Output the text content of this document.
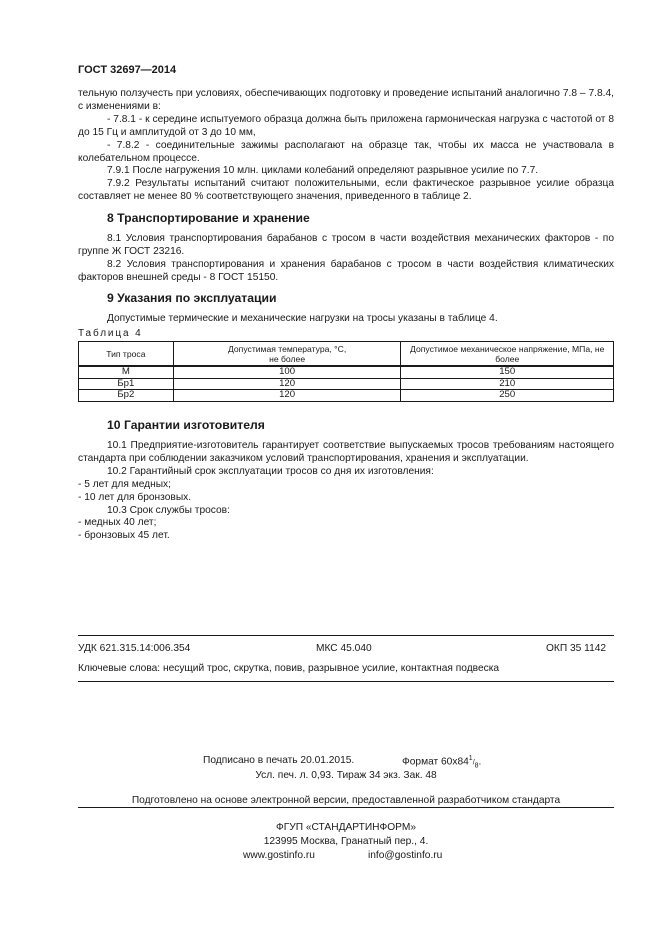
ГОСТ 32697—2014
тельную ползучесть при условиях, обеспечивающих подготовку и проведение испытаний аналогично 7.8 – 7.8.4, с изменениями в:
- 7.8.1 - к середине испытуемого образца должна быть приложена гармоническая нагрузка с частотой от 8 до 15 Гц и амплитудой от 3 до 10 мм,
- 7.8.2 - соединительные зажимы располагают на образце так, чтобы их масса не участвовала в колебательном процессе.
7.9.1 После нагружения 10 млн. циклами колебаний определяют разрывное усилие по 7.7.
7.9.2 Результаты испытаний считают положительными, если фактическое разрывное усилие образца составляет не менее 80 % соответствующего значения, приведенного в таблице 2.
8 Транспортирование и хранение
8.1 Условия транспортирования барабанов с тросом в части воздействия механических факторов - по группе Ж ГОСТ 23216.
8.2 Условия транспортирования и хранения барабанов с тросом в части воздействия климатических факторов внешней среды - 8 ГОСТ 15150.
9 Указания по эксплуатации
Допустимые термические и механические нагрузки на тросы указаны в таблице 4.
Таблица 4
Тип троса	Допустимая температура, °С, не более	Допустимое механическое напряжение, МПа, не более
М	100	150
Бр1	120	210
Бр2	120	250
10 Гарантии изготовителя
10.1 Предприятие-изготовитель гарантирует соответствие выпускаемых тросов требованиям настоящего стандарта при соблюдении заказчиком условий транспортирования, хранения и эксплуатации.
10.2 Гарантийный срок эксплуатации тросов со дня их изготовления:
- 5 лет для медных;
- 10 лет для бронзовых.
10.3 Срок службы тросов:
- медных 40 лет;
- бронзовых 45 лет.
УДК 621.315.14:006.354	МКС 45.040	ОКП 35 1142
Ключевые слова: несущий трос, скрутка, повив, разрывное усилие, контактная подвеска
Подписано в печать 20.01.2015.	Формат $60x84^1/_8$.
Усл. печ. л. 0,93. Тираж 34 экз. Зак. 48
Подготовлено на основе электронной версии, предоставленной разработчиком стандарта
ФГУП «СТАНДАРТИНФОРМ»
123995 Москва, Гранатный пер., 4.
www.gostinfo.ru	info@gostinfo.ru
